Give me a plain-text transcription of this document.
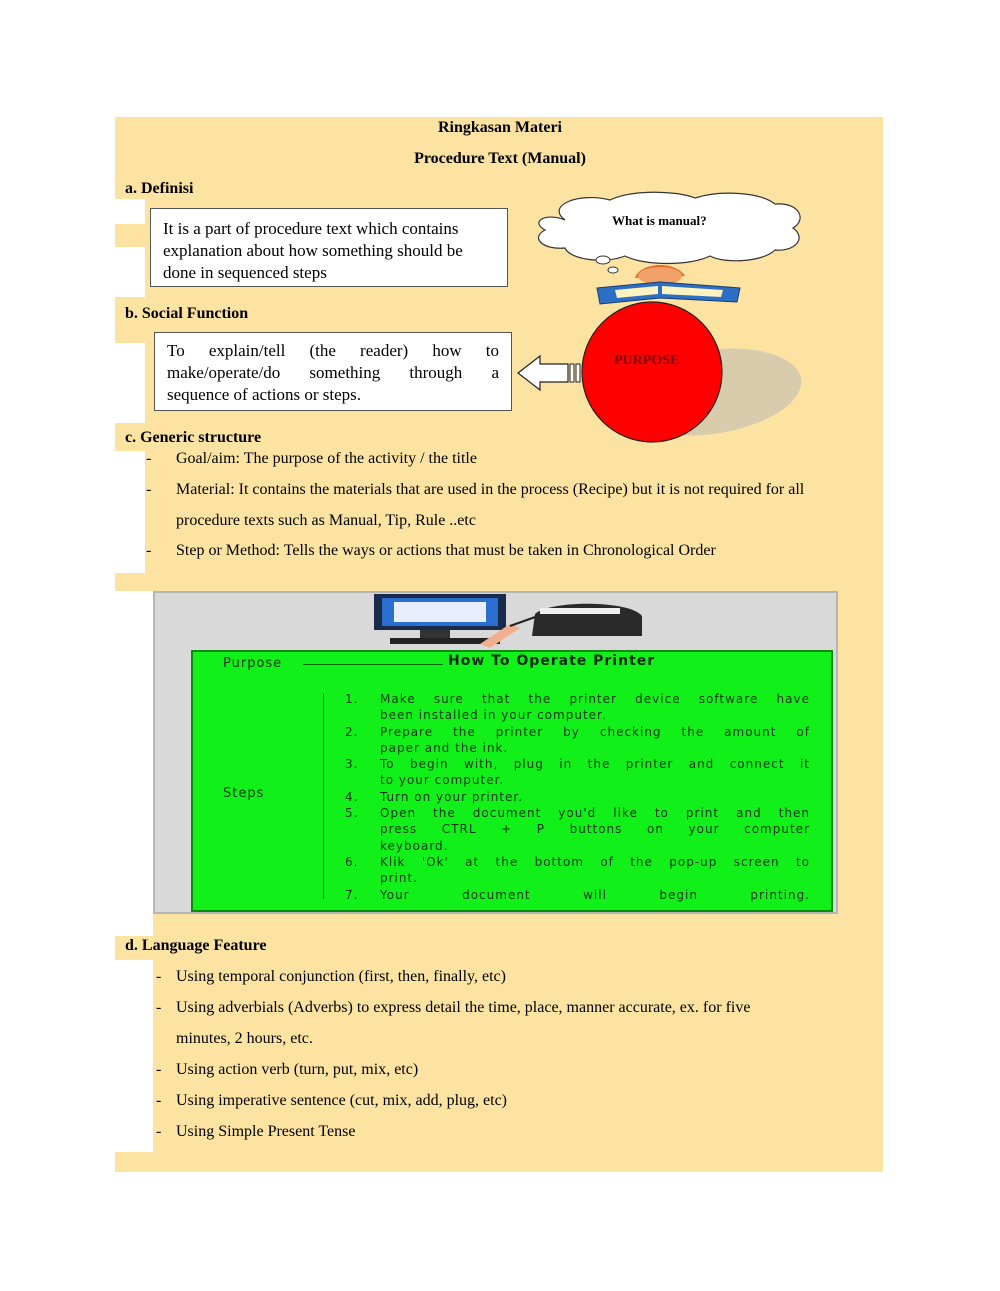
Ringkasan Materi
Procedure Text (Manual)
a. Definisi
It is a part of procedure text which contains
explanation about how something should be
done in sequenced steps
What is manual?
b. Social Function
To explain/tell (the reader) how to
make/operate/do something through a
sequence of actions or steps.
PURPOSE
c. Generic structure
- Goal/aim: The purpose of the activity / the title
- Material: It contains the materials that are used in the process (Recipe) but it is not required for all
procedure texts such as Manual, Tip, Rule ..etc
- Step or Method: Tells the ways or actions that must be taken in Chronological Order
Purpose	How To Operate Printer
Steps
1. Make sure that the printer device software have
been installed in your computer.
2. Prepare the printer by checking the amount of
paper and the ink.
3. To begin with, plug in the printer and connect it
to your computer.
4. Turn on your printer.
5. Open the document you'd like to print and then
press CTRL + P buttons on your computer
keyboard.
6. Klik 'Ok' at the bottom of the pop-up screen to
print.
7. Your document will begin printing.
d. Language Feature
- Using temporal conjunction (first, then, finally, etc)
- Using adverbials (Adverbs) to express detail the time, place, manner accurate, ex. for five
minutes, 2 hours, etc.
- Using action verb (turn, put, mix, etc)
- Using imperative sentence (cut, mix, add, plug, etc)
- Using Simple Present Tense
